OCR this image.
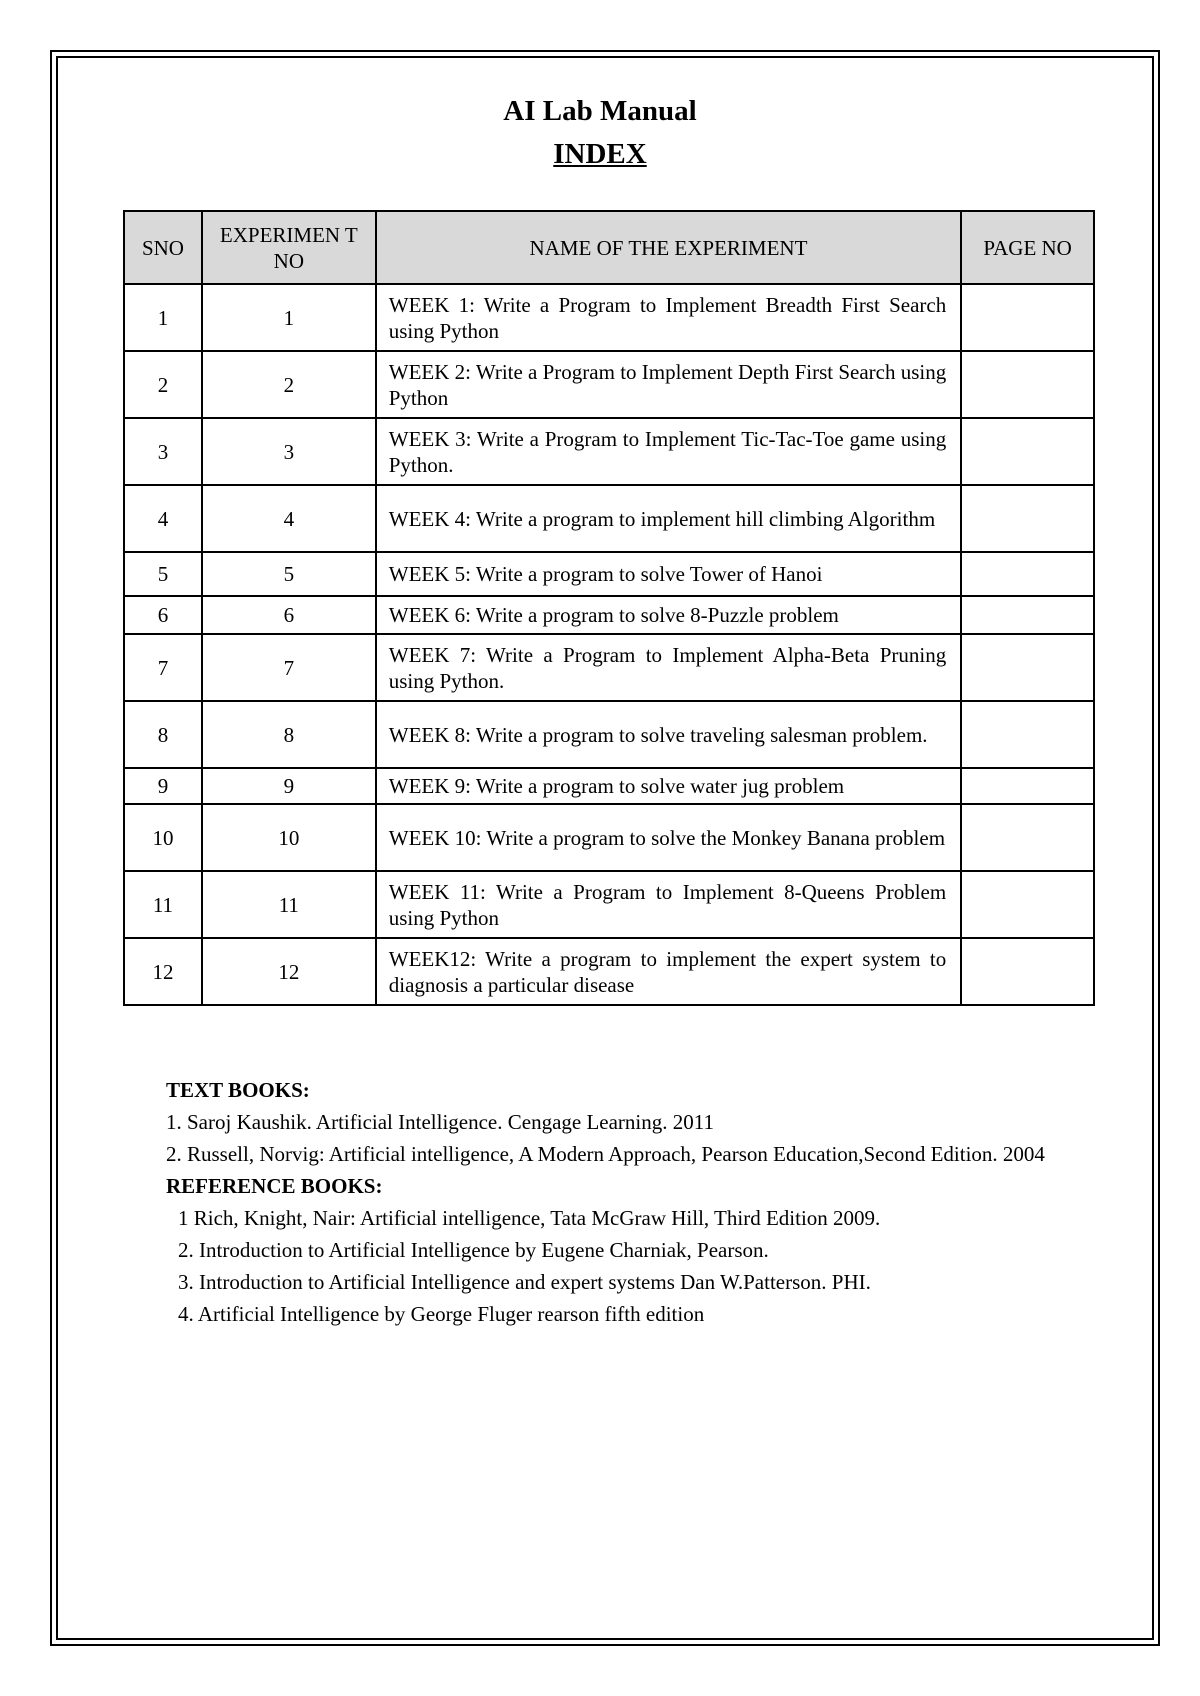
AI Lab Manual
INDEX
SNO	EXPERIMEN T NO	NAME OF THE EXPERIMENT	PAGE NO
1	1	WEEK 1: Write a Program to Implement Breadth First Search using Python	
2	2	WEEK 2: Write a Program to Implement Depth First Search using Python	
3	3	WEEK 3: Write a Program to Implement Tic-Tac-Toe game using Python.	
4	4	WEEK 4: Write a program to implement hill climbing Algorithm	
5	5	WEEK 5: Write a program to solve Tower of Hanoi	
6	6	WEEK 6: Write a program to solve 8-Puzzle problem	
7	7	WEEK 7: Write a Program to Implement Alpha-Beta Pruning using Python.	
8	8	WEEK 8: Write a program to solve traveling salesman problem.	
9	9	WEEK 9: Write a program to solve water jug problem	
10	10	WEEK 10: Write a program to solve the Monkey Banana problem	
11	11	WEEK 11: Write a Program to Implement 8-Queens Problem using Python	
12	12	WEEK12: Write a program to implement the expert system to diagnosis a particular disease	
TEXT BOOKS:
1. Saroj Kaushik. Artificial Intelligence. Cengage Learning. 2011
2. Russell, Norvig: Artificial intelligence, A Modern Approach, Pearson Education,Second Edition. 2004
REFERENCE BOOKS:
1 Rich, Knight, Nair: Artificial intelligence, Tata McGraw Hill, Third Edition 2009.
2. Introduction to Artificial Intelligence by Eugene Charniak, Pearson.
3. Introduction to Artificial Intelligence and expert systems Dan W.Patterson. PHI.
4. Artificial Intelligence by George Fluger rearson fifth edition
